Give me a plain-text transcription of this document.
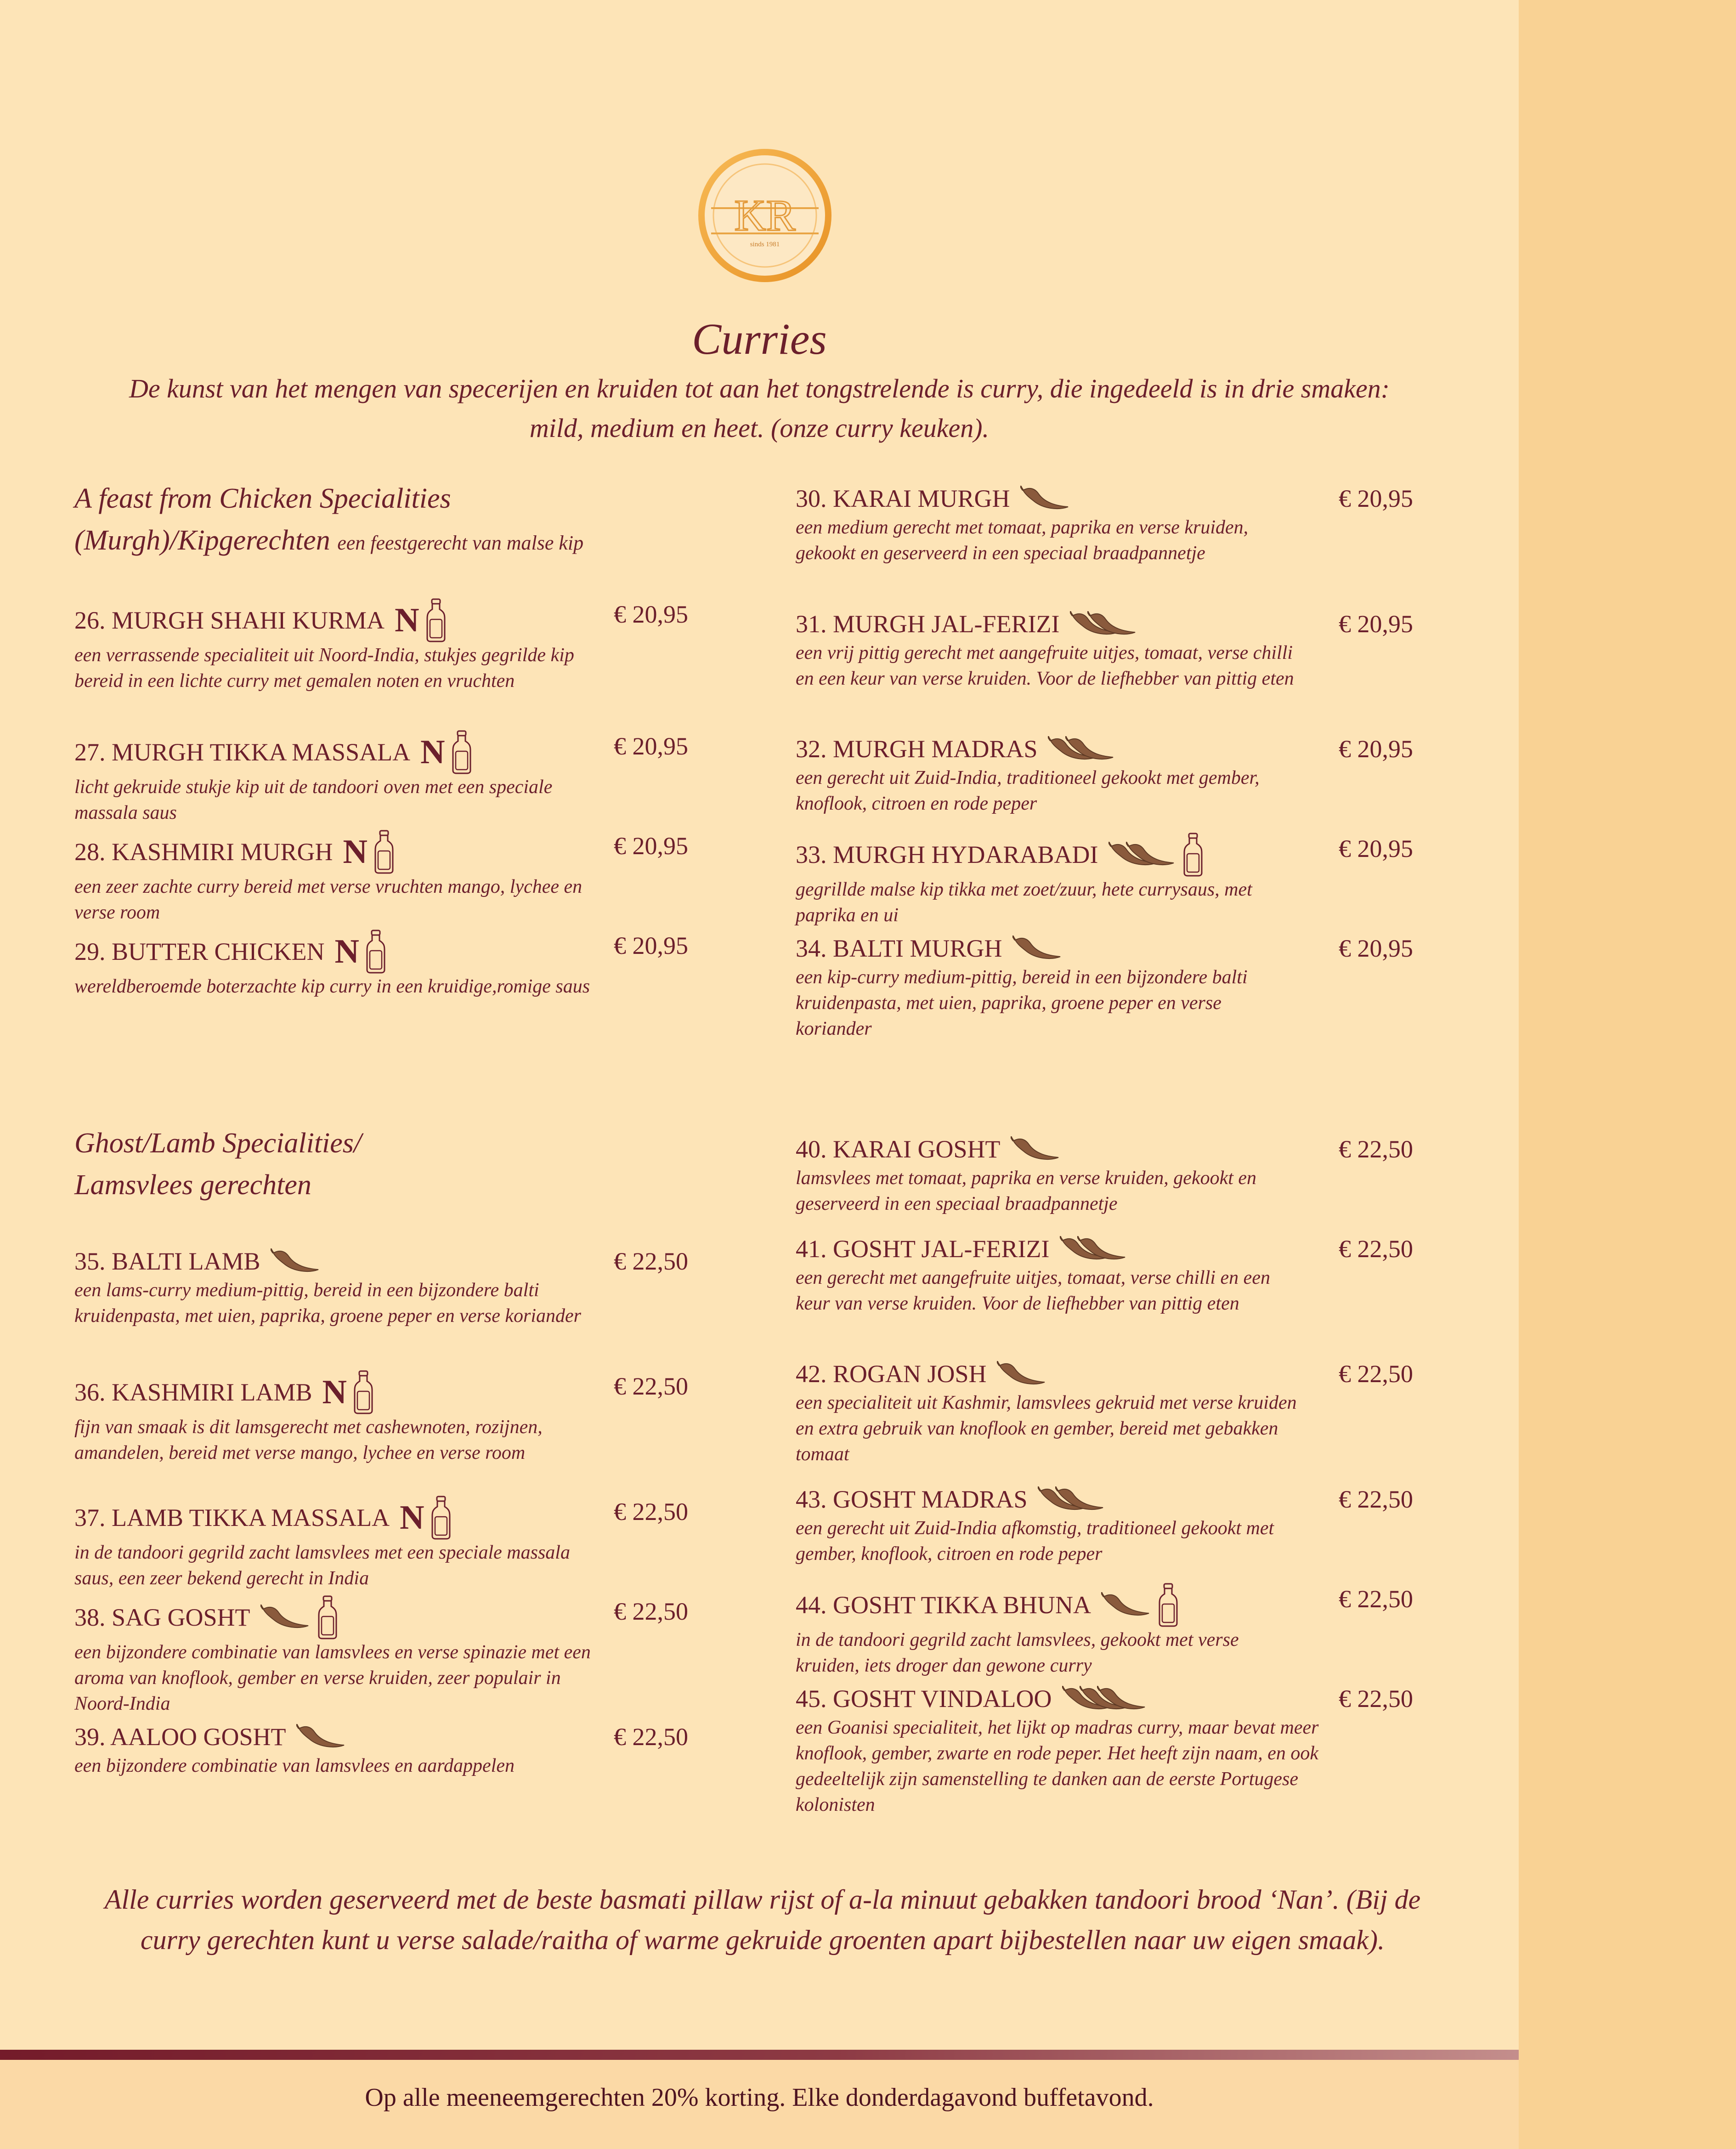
KR
sinds 1981
Curries
De kunst van het mengen van specerijen en kruiden tot aan het tongstrelende is curry, die ingedeeld is in drie smaken: mild, medium en heet. (onze curry keuken).
A feast from Chicken Specialities
(Murgh)/Kipgerechten een feestgerecht van malse kip
Ghost/Lamb Specialities/
Lamsvlees gerechten
26. MURGH SHAHI KURMA N
een verrassende specialiteit uit Noord-India, stukjes gegrilde kip bereid in een lichte curry met gemalen noten en vruchten
€ 20,95
27. MURGH TIKKA MASSALA N
licht gekruide stukje kip uit de tandoori oven met een speciale massala saus
€ 20,95
28. KASHMIRI MURGH N
een zeer zachte curry bereid met verse vruchten mango, lychee en verse room
€ 20,95
29. BUTTER CHICKEN N
wereldberoemde boterzachte kip curry in een kruidige,romige saus
€ 20,95
30. KARAI MURGH
een medium gerecht met tomaat, paprika en verse kruiden, gekookt en geserveerd in een speciaal braadpannetje
€ 20,95
31. MURGH JAL-FERIZI
een vrij pittig gerecht met aangefruite uitjes, tomaat, verse chilli en een keur van verse kruiden. Voor de liefhebber van pittig eten
€ 20,95
32. MURGH MADRAS
een gerecht uit Zuid-India, traditioneel gekookt met gember, knoflook, citroen en rode peper
€ 20,95
33. MURGH HYDARABADI
gegrillde malse kip tikka met zoet/zuur, hete currysaus, met paprika en ui
€ 20,95
34. BALTI MURGH
een kip-curry medium-pittig, bereid in een bijzondere balti kruidenpasta, met uien, paprika, groene peper en verse koriander
€ 20,95
35. BALTI LAMB
een lams-curry medium-pittig, bereid in een bijzondere balti kruidenpasta, met uien, paprika, groene peper en verse koriander
€ 22,50
36. KASHMIRI LAMB N
fijn van smaak is dit lamsgerecht met cashewnoten, rozijnen, amandelen, bereid met verse mango, lychee en verse room
€ 22,50
37. LAMB TIKKA MASSALA N
in de tandoori gegrild zacht lamsvlees met een speciale massala saus, een zeer bekend gerecht in India
€ 22,50
38. SAG GOSHT
een bijzondere combinatie van lamsvlees en verse spinazie met een aroma van knoflook, gember en verse kruiden, zeer populair in Noord-India
€ 22,50
39. AALOO GOSHT
een bijzondere combinatie van lamsvlees en aardappelen
€ 22,50
40. KARAI GOSHT
lamsvlees met tomaat, paprika en verse kruiden, gekookt en geserveerd in een speciaal braadpannetje
€ 22,50
41. GOSHT JAL-FERIZI
een gerecht met aangefruite uitjes, tomaat, verse chilli en een keur van verse kruiden. Voor de liefhebber van pittig eten
€ 22,50
42. ROGAN JOSH
een specialiteit uit Kashmir, lamsvlees gekruid met verse kruiden en extra gebruik van knoflook en gember, bereid met gebakken tomaat
€ 22,50
43. GOSHT MADRAS
een gerecht uit Zuid-India afkomstig, traditioneel gekookt met gember, knoflook, citroen en rode peper
€ 22,50
44. GOSHT TIKKA BHUNA
in de tandoori gegrild zacht lamsvlees, gekookt met verse kruiden, iets droger dan gewone curry
€ 22,50
45. GOSHT VINDALOO
een Goanisi specialiteit, het lijkt op madras curry, maar bevat meer knoflook, gember, zwarte en rode peper. Het heeft zijn naam, en ook gedeeltelijk zijn samenstelling te danken aan de eerste Portugese kolonisten
€ 22,50
Alle curries worden geserveerd met de beste basmati pillaw rijst of a-la minuut gebakken tandoori brood ‘Nan’. (Bij de curry gerechten kunt u verse salade/raitha of warme gekruide groenten apart bijbestellen naar uw eigen smaak).
Op alle meeneemgerechten 20% korting. Elke donderdagavond buffetavond.
